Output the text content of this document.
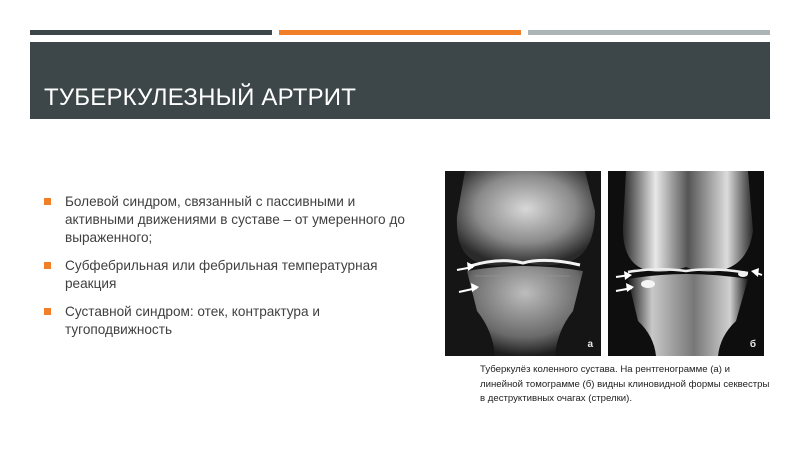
ТУБЕРКУЛЕЗНЫЙ АРТРИТ
Болевой синдром, связанный с пассивными и активными движениями в суставе – от умеренного до выраженного;
Субфебрильная или фебрильная температурная реакция
Суставной синдром: отек, контрактура и тугоподвижность
а	б
Туберкулёз коленного сустава. На рентгенограмме (а) и линейной томограмме (б) видны клиновидной формы секвестры в деструктивных очагах (стрелки).
